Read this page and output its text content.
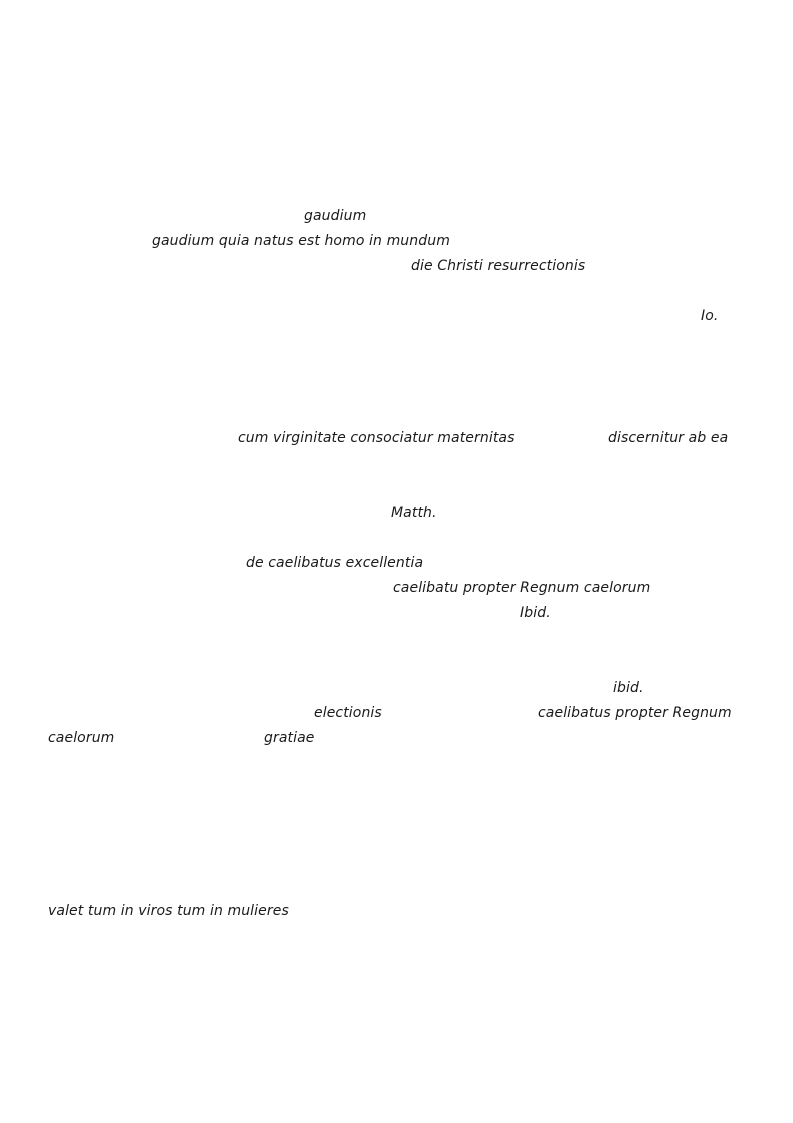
gaudium
gaudium quia natus est homo in mundum
die Christi resurrectionis
Io.
cum virginitate consociatur maternitas	discernitur ab ea
Matth.
de caelibatus excellentia
caelibatu propter Regnum caelorum
Ibid.
ibid.
electionis	caelibatus propter Regnum
caelorum	gratiae
valet tum in viros tum in mulieres
